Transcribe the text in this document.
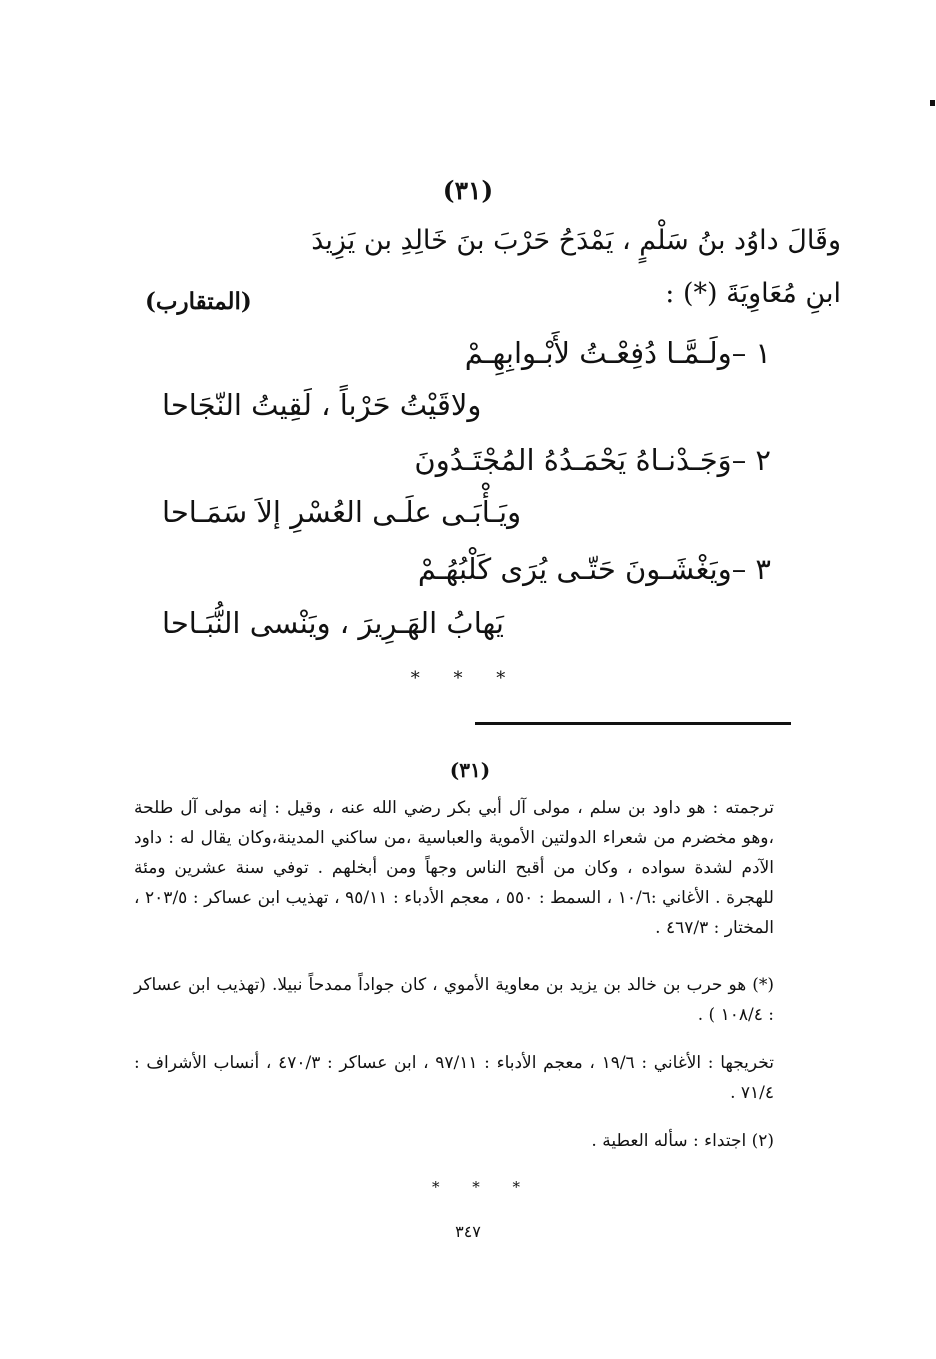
(٣١)
وقَالَ داوُد بنُ سَلْمٍ ، يَمْدَحُ حَرْبَ بنَ خَالِدِ بن يَزِيدَ
ابنِ مُعَاوِيَةَ (*) :
(المتقارب)
١ –ولَـمَّـا دُفِعْـتُ لأَبْـوابِهِـمْ
ولاقَيْتُ حَرْباً ، لَقِيتُ النّجَاحا
٢ –وَجَـدْنـاهُ يَحْمَـدُهُ المُجْتَـدُونَ
ويَـأْبَـى علَـى العُسْرِ إلاَ سَمَـاحا
٣ –ويَغْشَـونَ حَتّـى يُرَى كَلْبُهُـمْ
يَهابُ الهَـرِيرَ ، ويَنْسى النُّبَـاحا
* * *
(٣١)
ترجمته : هو داود بن سلم ، مولى آل أبي بكر رضي الله عنه ، وقيل : إنه مولى آل طلحة ،وهو مخضرم من شعراء الدولتين الأموية والعباسية ،من ساكني المدينة،وكان يقال له : داود الآدم لشدة سواده ، وكان من أقبح الناس وجهاً ومن أبخلهم . توفي سنة عشرين ومئة للهجرة . الأغاني :١٠/٦ ، السمط : ٥٥٠ ، معجم الأدباء : ٩٥/١١ ، تهذيب ابن عساكر : ٢٠٣/٥ ، المختار : ٤٦٧/٣ .
(*) هو حرب بن خالد بن يزيد بن معاوية الأموي ، كان جواداً ممدحاً نبيلا. (تهذيب ابن عساكر : ١٠٨/٤ ) .
تخريجها : الأغاني : ١٩/٦ ، معجم الأدباء : ٩٧/١١ ، ابن عساكر : ٤٧٠/٣ ، أنساب الأشراف : ٧١/٤ .
(٢) اجتداء : سأله العطية .
* * *
٣٤٧
